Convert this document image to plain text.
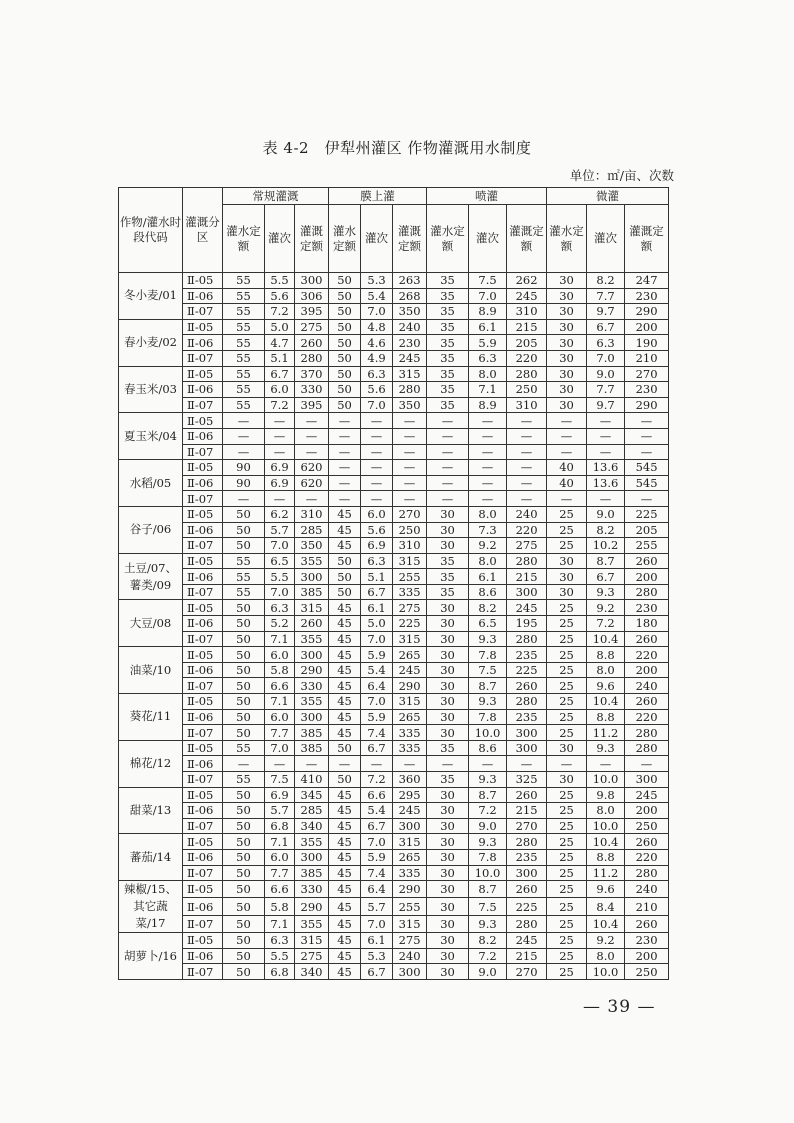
表 4-2　伊犁州灌区 作物灌溉用水制度
单位：㎡/亩、次数
作物/灌水时段代码	灌溉分区	常规灌溉			膜上灌			喷灌			微灌		
		灌水定额	灌次	灌溉定额	灌水定额	灌次	灌溉定额	灌水定额	灌次	灌溉定额	灌水定额	灌次	灌溉定额
冬小麦/01	Ⅱ-05	55	5.5	300	50	5.3	263	35	7.5	262	30	8.2	247
	Ⅱ-06	55	5.6	306	50	5.4	268	35	7.0	245	30	7.7	230
	Ⅱ-07	55	7.2	395	50	7.0	350	35	8.9	310	30	9.7	290
春小麦/02	Ⅱ-05	55	5.0	275	50	4.8	240	35	6.1	215	30	6.7	200
	Ⅱ-06	55	4.7	260	50	4.6	230	35	5.9	205	30	6.3	190
	Ⅱ-07	55	5.1	280	50	4.9	245	35	6.3	220	30	7.0	210
春玉米/03	Ⅱ-05	55	6.7	370	50	6.3	315	35	8.0	280	30	9.0	270
	Ⅱ-06	55	6.0	330	50	5.6	280	35	7.1	250	30	7.7	230
	Ⅱ-07	55	7.2	395	50	7.0	350	35	8.9	310	30	9.7	290
夏玉米/04	Ⅱ-05	—	—	—	—	—	—	—	—	—	—	—	—
	Ⅱ-06	—	—	—	—	—	—	—	—	—	—	—	—
	Ⅱ-07	—	—	—	—	—	—	—	—	—	—	—	—
水稻/05	Ⅱ-05	90	6.9	620	—	—	—	—	—	—	40	13.6	545
	Ⅱ-06	90	6.9	620	—	—	—	—	—	—	40	13.6	545
	Ⅱ-07	—	—	—	—	—	—	—	—	—	—	—	—
谷子/06	Ⅱ-05	50	6.2	310	45	6.0	270	30	8.0	240	25	9.0	225
	Ⅱ-06	50	5.7	285	45	5.6	250	30	7.3	220	25	8.2	205
	Ⅱ-07	50	7.0	350	45	6.9	310	30	9.2	275	25	10.2	255
土豆/07、薯类/09	Ⅱ-05	55	6.5	355	50	6.3	315	35	8.0	280	30	8.7	260
	Ⅱ-06	55	5.5	300	50	5.1	255	35	6.1	215	30	6.7	200
	Ⅱ-07	55	7.0	385	50	6.7	335	35	8.6	300	30	9.3	280
大豆/08	Ⅱ-05	50	6.3	315	45	6.1	275	30	8.2	245	25	9.2	230
	Ⅱ-06	50	5.2	260	45	5.0	225	30	6.5	195	25	7.2	180
	Ⅱ-07	50	7.1	355	45	7.0	315	30	9.3	280	25	10.4	260
油菜/10	Ⅱ-05	50	6.0	300	45	5.9	265	30	7.8	235	25	8.8	220
	Ⅱ-06	50	5.8	290	45	5.4	245	30	7.5	225	25	8.0	200
	Ⅱ-07	50	6.6	330	45	6.4	290	30	8.7	260	25	9.6	240
葵花/11	Ⅱ-05	50	7.1	355	45	7.0	315	30	9.3	280	25	10.4	260
	Ⅱ-06	50	6.0	300	45	5.9	265	30	7.8	235	25	8.8	220
	Ⅱ-07	50	7.7	385	45	7.4	335	30	10.0	300	25	11.2	280
棉花/12	Ⅱ-05	55	7.0	385	50	6.7	335	35	8.6	300	30	9.3	280
	Ⅱ-06	—	—	—	—	—	—	—	—	—	—	—	—
	Ⅱ-07	55	7.5	410	50	7.2	360	35	9.3	325	30	10.0	300
甜菜/13	Ⅱ-05	50	6.9	345	45	6.6	295	30	8.7	260	25	9.8	245
	Ⅱ-06	50	5.7	285	45	5.4	245	30	7.2	215	25	8.0	200
	Ⅱ-07	50	6.8	340	45	6.7	300	30	9.0	270	25	10.0	250
蕃茄/14	Ⅱ-05	50	7.1	355	45	7.0	315	30	9.3	280	25	10.4	260
	Ⅱ-06	50	6.0	300	45	5.9	265	30	7.8	235	25	8.8	220
	Ⅱ-07	50	7.7	385	45	7.4	335	30	10.0	300	25	11.2	280
辣椒/15、其它蔬菜/17	Ⅱ-05	50	6.6	330	45	6.4	290	30	8.7	260	25	9.6	240
	Ⅱ-06	50	5.8	290	45	5.7	255	30	7.5	225	25	8.4	210
	Ⅱ-07	50	7.1	355	45	7.0	315	30	9.3	280	25	10.4	260
胡萝卜/16	Ⅱ-05	50	6.3	315	45	6.1	275	30	8.2	245	25	9.2	230
	Ⅱ-06	50	5.5	275	45	5.3	240	30	7.2	215	25	8.0	200
	Ⅱ-07	50	6.8	340	45	6.7	300	30	9.0	270	25	10.0	250
— 39 —
